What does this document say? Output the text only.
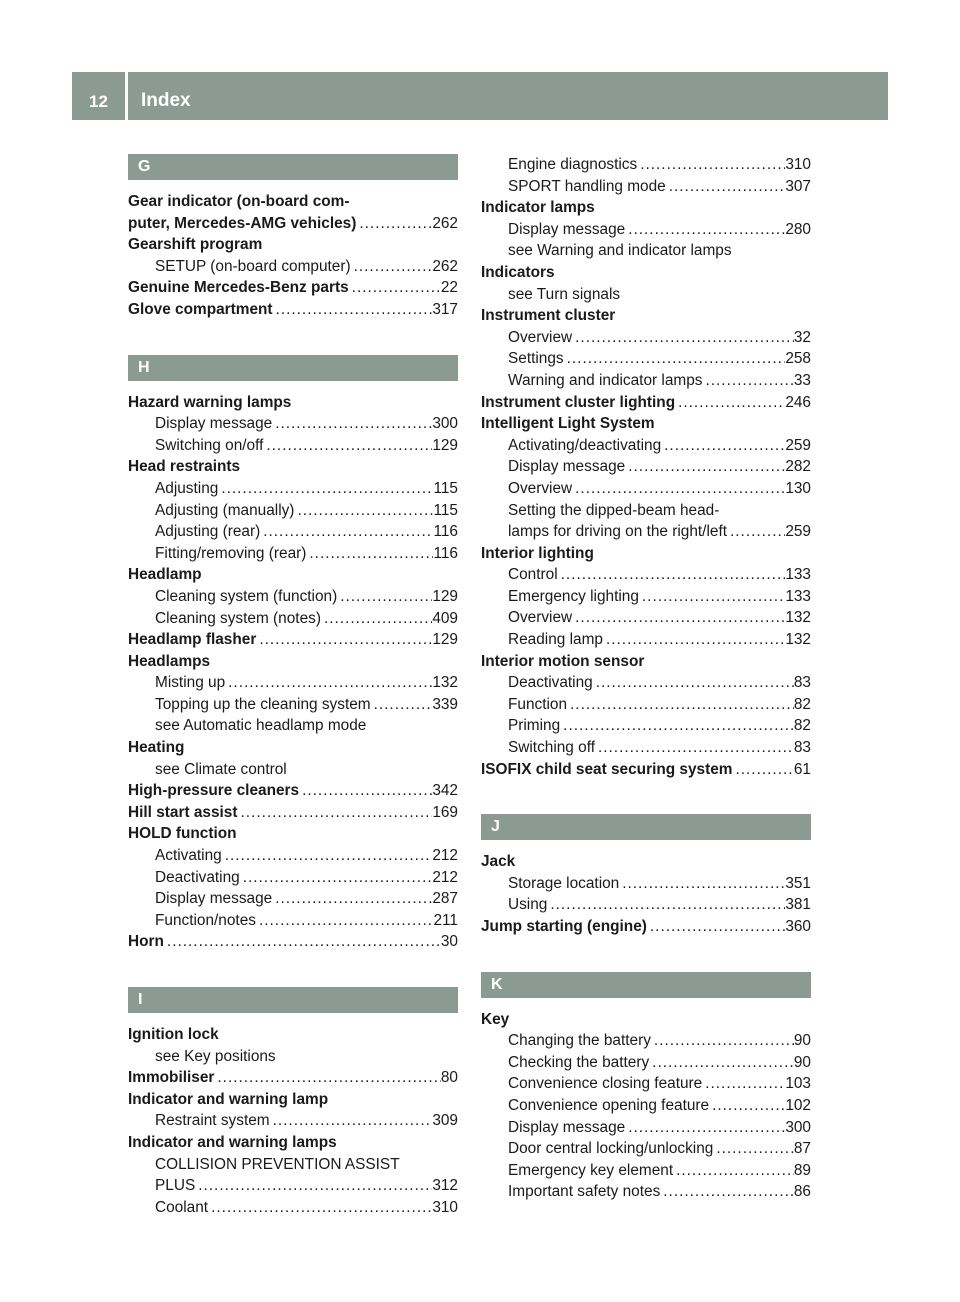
12	Index
G
Gear indicator (on-board com-
puter, Mercedes-AMG vehicles) .....	262
Gearshift program
SETUP (on-board computer) .....	262
Genuine Mercedes-Benz parts .....	22
Glove compartment .....	317
H
Hazard warning lamps
Display message .....	300
Switching on/off .....	129
Head restraints
Adjusting .....	115
Adjusting (manually) .....	115
Adjusting (rear) .....	116
Fitting/removing (rear) .....	116
Headlamp
Cleaning system (function) .....	129
Cleaning system (notes) .....	409
Headlamp flasher .....	129
Headlamps
Misting up .....	132
Topping up the cleaning system .....	339
see Automatic headlamp mode
Heating
see Climate control
High-pressure cleaners .....	342
Hill start assist .....	169
HOLD function
Activating .....	212
Deactivating .....	212
Display message .....	287
Function/notes .....	211
Horn .....	30
I
Ignition lock
see Key positions
Immobiliser .....	80
Indicator and warning lamp
Restraint system .....	309
Indicator and warning lamps
COLLISION PREVENTION ASSIST
PLUS .....	312
Coolant .....	310
Engine diagnostics .....	310
SPORT handling mode .....	307
Indicator lamps
Display message .....	280
see Warning and indicator lamps
Indicators
see Turn signals
Instrument cluster
Overview .....	32
Settings .....	258
Warning and indicator lamps .....	33
Instrument cluster lighting .....	246
Intelligent Light System
Activating/deactivating .....	259
Display message .....	282
Overview .....	130
Setting the dipped-beam head-
lamps for driving on the right/left .....	259
Interior lighting
Control .....	133
Emergency lighting .....	133
Overview .....	132
Reading lamp .....	132
Interior motion sensor
Deactivating .....	83
Function .....	82
Priming .....	82
Switching off .....	83
ISOFIX child seat securing system .....	61
J
Jack
Storage location .....	351
Using .....	381
Jump starting (engine) .....	360
K
Key
Changing the battery .....	90
Checking the battery .....	90
Convenience closing feature .....	103
Convenience opening feature .....	102
Display message .....	300
Door central locking/unlocking .....	87
Emergency key element .....	89
Important safety notes .....	86
